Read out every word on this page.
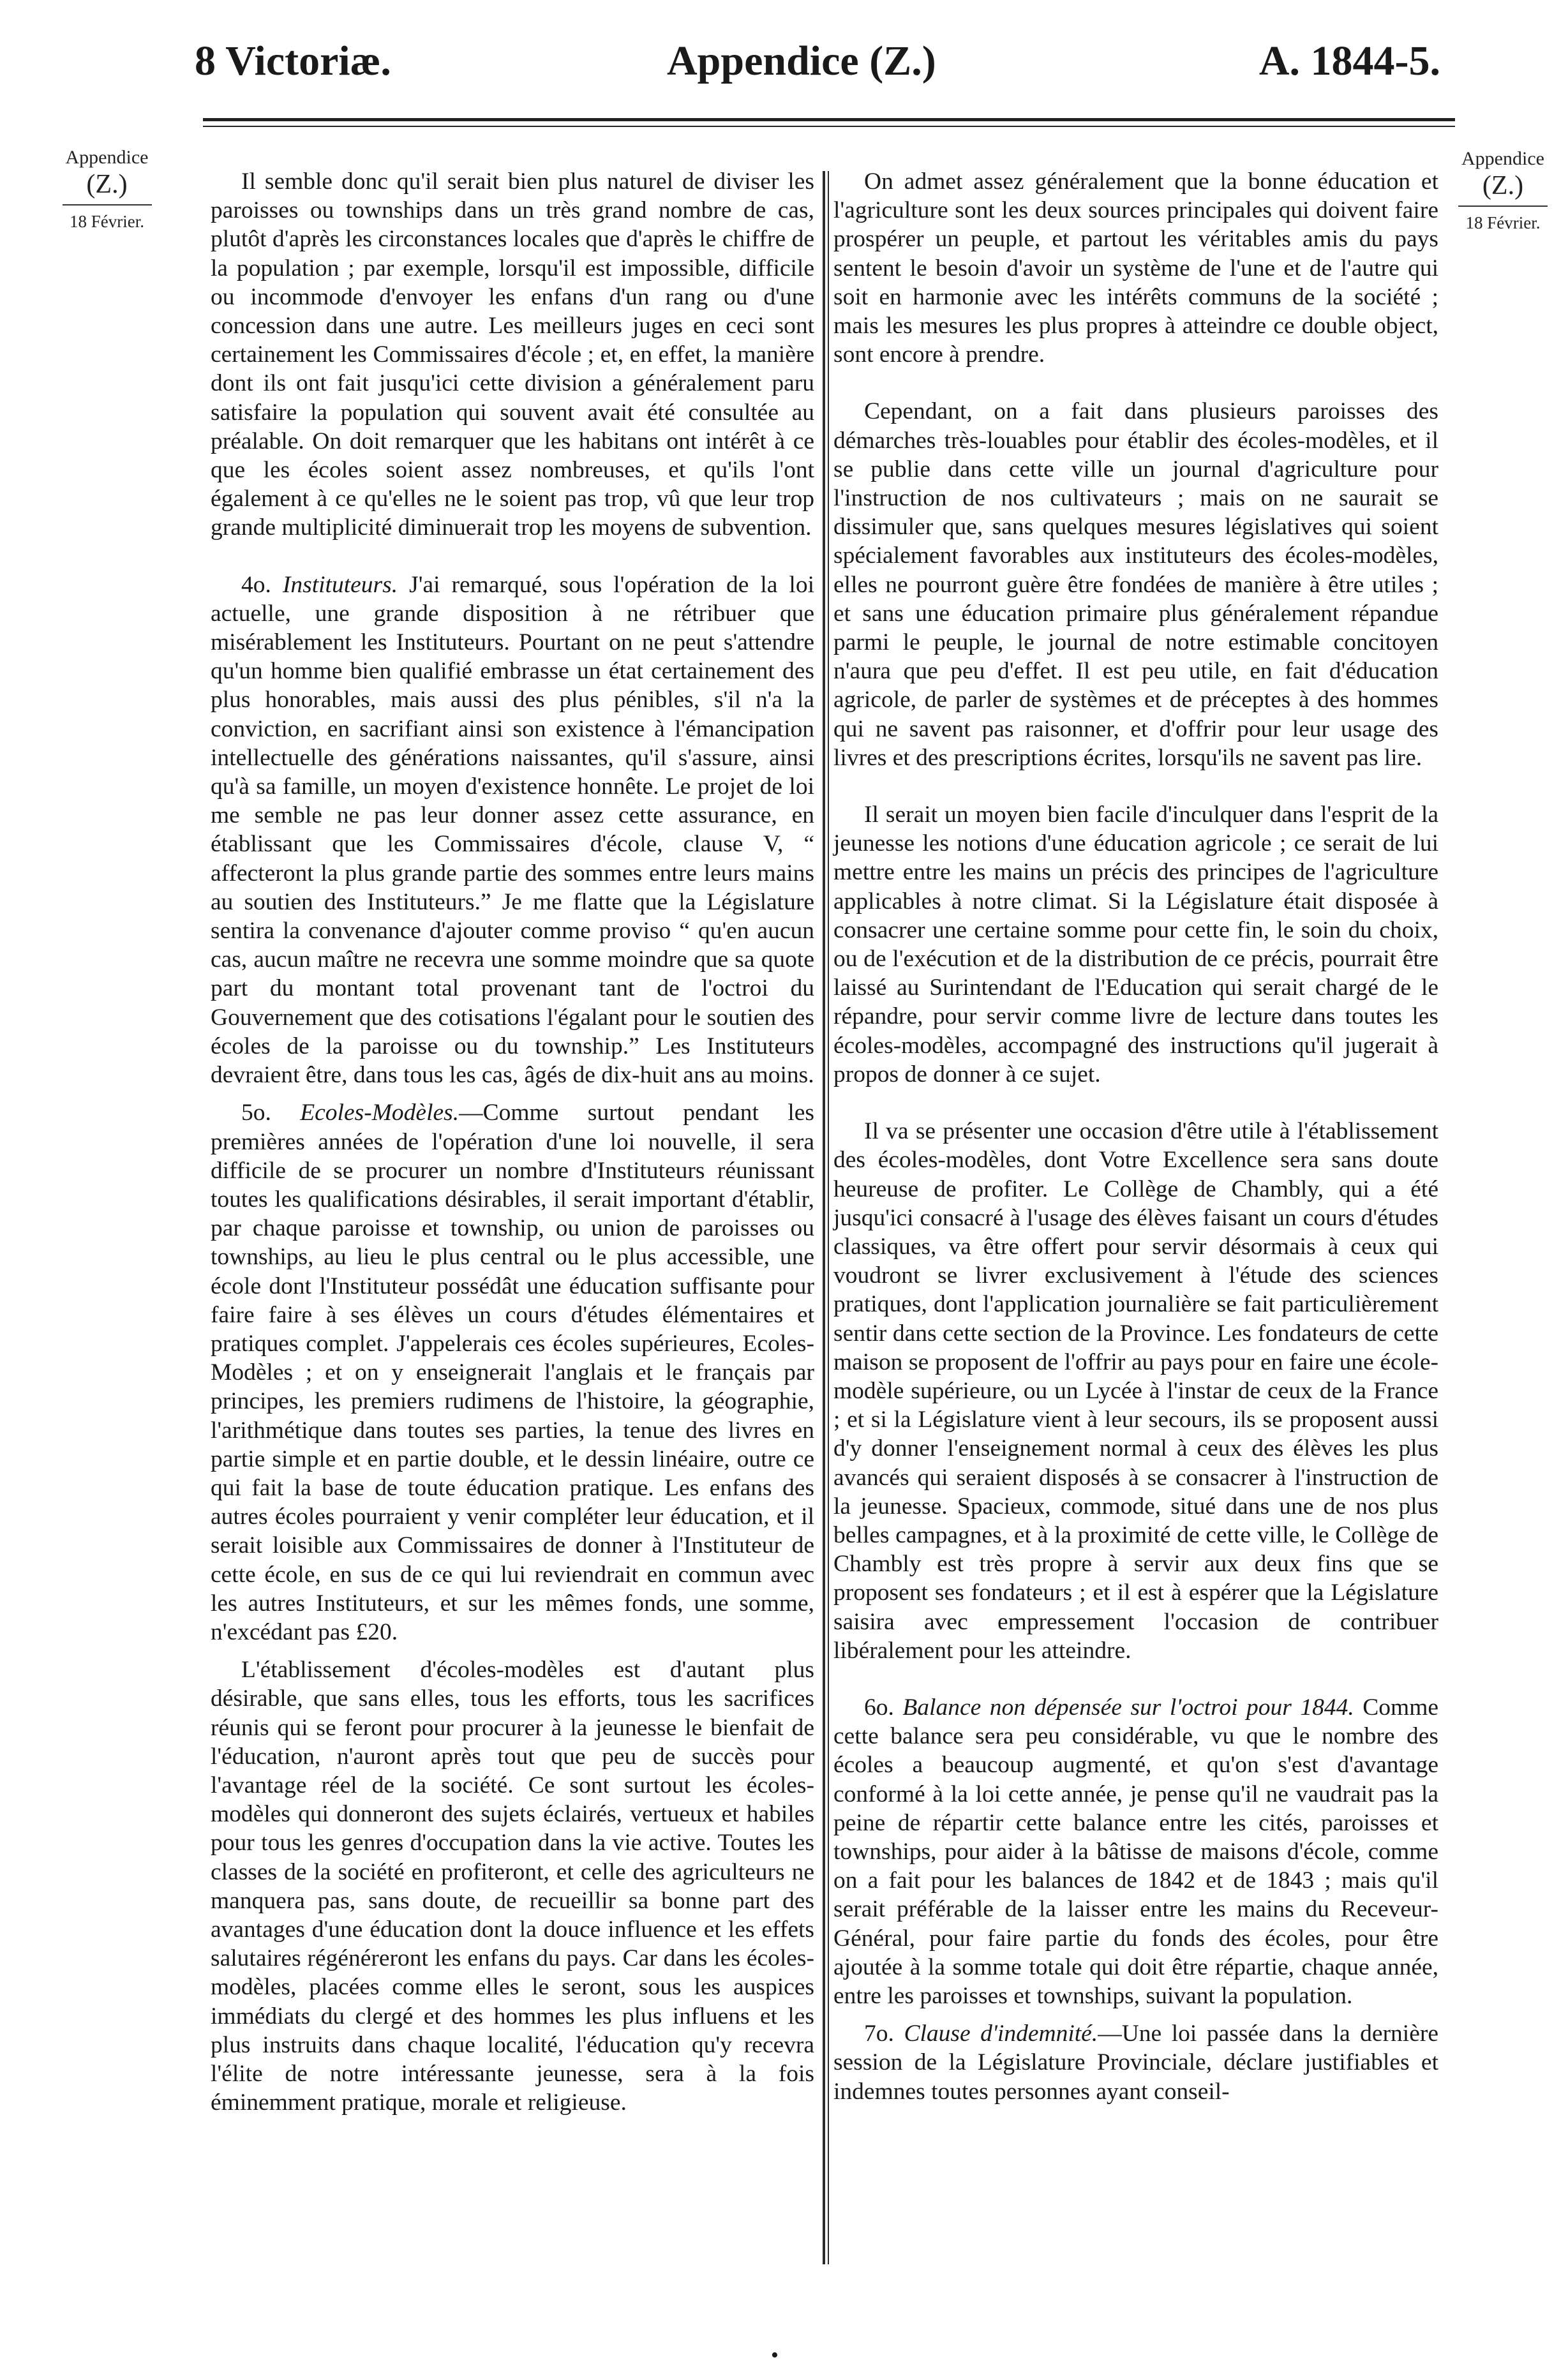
8 Victoriæ.	Appendice (Z.)	A. 1844-5.
Appendice
(Z.)
18 Février.
Appendice
(Z.)
18 Février.

Il semble donc qu'il serait bien plus naturel de diviser les paroisses ou townships dans un très grand nombre de cas, plutôt d'après les circonstances locales que d'après le chiffre de la population ; par exemple, lorsqu'il est impossible, difficile ou incommode d'envoyer les enfans d'un rang ou d'une concession dans une autre. Les meilleurs juges en ceci sont certainement les Commissaires d'école ; et, en effet, la manière dont ils ont fait jusqu'ici cette division a généralement paru satisfaire la population qui souvent avait été consultée au préalable. On doit remarquer que les habitans ont intérêt à ce que les écoles soient assez nombreuses, et qu'ils l'ont également à ce qu'elles ne le soient pas trop, vû que leur trop grande multiplicité diminuerait trop les moyens de subvention.

4o. Instituteurs. J'ai remarqué, sous l'opération de la loi actuelle, une grande disposition à ne rétribuer que misérablement les Instituteurs. Pourtant on ne peut s'attendre qu'un homme bien qualifié embrasse un état certainement des plus honorables, mais aussi des plus pénibles, s'il n'a la conviction, en sacrifiant ainsi son existence à l'émancipation intellectuelle des générations naissantes, qu'il s'assure, ainsi qu'à sa famille, un moyen d'existence honnête. Le projet de loi me semble ne pas leur donner assez cette assurance, en établissant que les Commissaires d'école, clause V, “ affecteront la plus grande partie des sommes entre leurs mains au soutien des Instituteurs.” Je me flatte que la Législature sentira la convenance d'ajouter comme proviso “ qu'en aucun cas, aucun maître ne recevra une somme moindre que sa quote part du montant total provenant tant de l'octroi du Gouvernement que des cotisations l'égalant pour le soutien des écoles de la paroisse ou du township.” Les Instituteurs devraient être, dans tous les cas, âgés de dix-huit ans au moins.

5o. Ecoles-Modèles.—Comme surtout pendant les premières années de l'opération d'une loi nouvelle, il sera difficile de se procurer un nombre d'Instituteurs réunissant toutes les qualifications désirables, il serait important d'établir, par chaque paroisse et township, ou union de paroisses ou townships, au lieu le plus central ou le plus accessible, une école dont l'Instituteur possédât une éducation suffisante pour faire faire à ses élèves un cours d'études élémentaires et pratiques complet. J'appelerais ces écoles supérieures, Ecoles-Modèles ; et on y enseignerait l'anglais et le français par principes, les premiers rudimens de l'histoire, la géographie, l'arithmétique dans toutes ses parties, la tenue des livres en partie simple et en partie double, et le dessin linéaire, outre ce qui fait la base de toute éducation pratique. Les enfans des autres écoles pourraient y venir compléter leur éducation, et il serait loisible aux Commissaires de donner à l'Instituteur de cette école, en sus de ce qui lui reviendrait en commun avec les autres Instituteurs, et sur les mêmes fonds, une somme, n'excédant pas £20.

L'établissement d'écoles-modèles est d'autant plus désirable, que sans elles, tous les efforts, tous les sacrifices réunis qui se feront pour procurer à la jeunesse le bienfait de l'éducation, n'auront après tout que peu de succès pour l'avantage réel de la société. Ce sont surtout les écoles-modèles qui donneront des sujets éclairés, vertueux et habiles pour tous les genres d'occupation dans la vie active. Toutes les classes de la société en profiteront, et celle des agriculteurs ne manquera pas, sans doute, de recueillir sa bonne part des avantages d'une éducation dont la douce influence et les effets salutaires régénéreront les enfans du pays. Car dans les écoles-modèles, placées comme elles le seront, sous les auspices immédiats du clergé et des hommes les plus influens et les plus instruits dans chaque localité, l'éducation qu'y recevra l'élite de notre intéressante jeunesse, sera à la fois éminemment pratique, morale et religieuse.

On admet assez généralement que la bonne éducation et l'agriculture sont les deux sources principales qui doivent faire prospérer un peuple, et partout les véritables amis du pays sentent le besoin d'avoir un système de l'une et de l'autre qui soit en harmonie avec les intérêts communs de la société ; mais les mesures les plus propres à atteindre ce double object, sont encore à prendre.

Cependant, on a fait dans plusieurs paroisses des démarches très-louables pour établir des écoles-modèles, et il se publie dans cette ville un journal d'agriculture pour l'instruction de nos cultivateurs ; mais on ne saurait se dissimuler que, sans quelques mesures législatives qui soient spécialement favorables aux instituteurs des écoles-modèles, elles ne pourront guère être fondées de manière à être utiles ; et sans une éducation primaire plus généralement répandue parmi le peuple, le journal de notre estimable concitoyen n'aura que peu d'effet. Il est peu utile, en fait d'éducation agricole, de parler de systèmes et de préceptes à des hommes qui ne savent pas raisonner, et d'offrir pour leur usage des livres et des prescriptions écrites, lorsqu'ils ne savent pas lire.

Il serait un moyen bien facile d'inculquer dans l'esprit de la jeunesse les notions d'une éducation agricole ; ce serait de lui mettre entre les mains un précis des principes de l'agriculture applicables à notre climat. Si la Législature était disposée à consacrer une certaine somme pour cette fin, le soin du choix, ou de l'exécution et de la distribution de ce précis, pourrait être laissé au Surintendant de l'Education qui serait chargé de le répandre, pour servir comme livre de lecture dans toutes les écoles-modèles, accompagné des instructions qu'il jugerait à propos de donner à ce sujet.

Il va se présenter une occasion d'être utile à l'établissement des écoles-modèles, dont Votre Excellence sera sans doute heureuse de profiter. Le Collège de Chambly, qui a été jusqu'ici consacré à l'usage des élèves faisant un cours d'études classiques, va être offert pour servir désormais à ceux qui voudront se livrer exclusivement à l'étude des sciences pratiques, dont l'application journalière se fait particulièrement sentir dans cette section de la Province. Les fondateurs de cette maison se proposent de l'offrir au pays pour en faire une école-modèle supérieure, ou un Lycée à l'instar de ceux de la France ; et si la Législature vient à leur secours, ils se proposent aussi d'y donner l'enseignement normal à ceux des élèves les plus avancés qui seraient disposés à se consacrer à l'instruction de la jeunesse. Spacieux, commode, situé dans une de nos plus belles campagnes, et à la proximité de cette ville, le Collège de Chambly est très propre à servir aux deux fins que se proposent ses fondateurs ; et il est à espérer que la Législature saisira avec empressement l'occasion de contribuer libéralement pour les atteindre.

6o. Balance non dépensée sur l'octroi pour 1844. Comme cette balance sera peu considérable, vu que le nombre des écoles a beaucoup augmenté, et qu'on s'est d'avantage conformé à la loi cette année, je pense qu'il ne vaudrait pas la peine de répartir cette balance entre les cités, paroisses et townships, pour aider à la bâtisse de maisons d'école, comme on a fait pour les balances de 1842 et de 1843 ; mais qu'il serait préférable de la laisser entre les mains du Receveur-Général, pour faire partie du fonds des écoles, pour être ajoutée à la somme totale qui doit être répartie, chaque année, entre les paroisses et townships, suivant la population.

7o. Clause d'indemnité.—Une loi passée dans la dernière session de la Législature Provinciale, déclare justifiables et indemnes toutes personnes ayant conseil-

•
